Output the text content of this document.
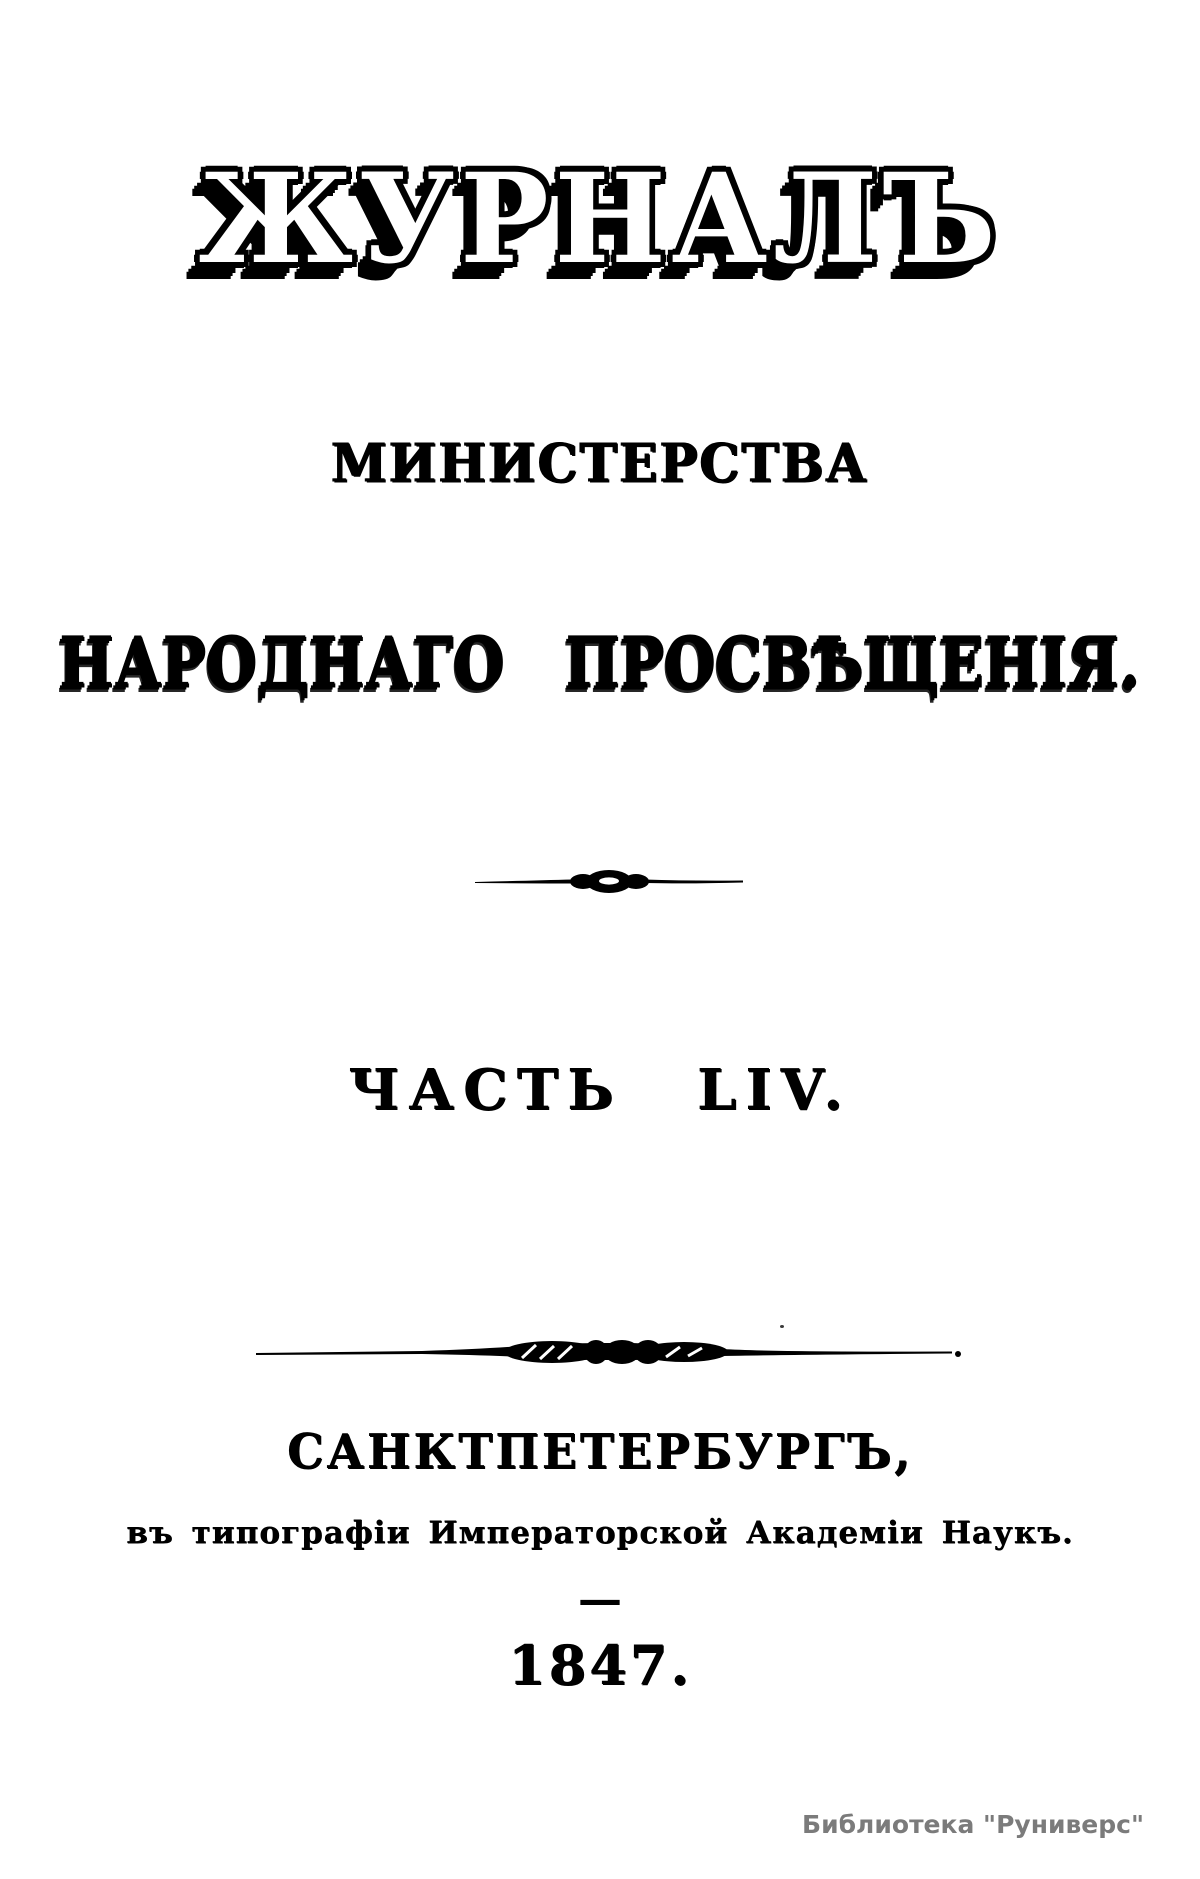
ЖУРНАЛЪ
МИНИСТЕРСТВА
НАРОДНАГО ПРОСВѢЩЕНІЯ.
ЧАСТЬ LIV.
САНКТПЕТЕРБУРГЪ,
въ типографіи Императорской Академіи Наукъ.
—
1847.
Библиотека "Руниверс"
